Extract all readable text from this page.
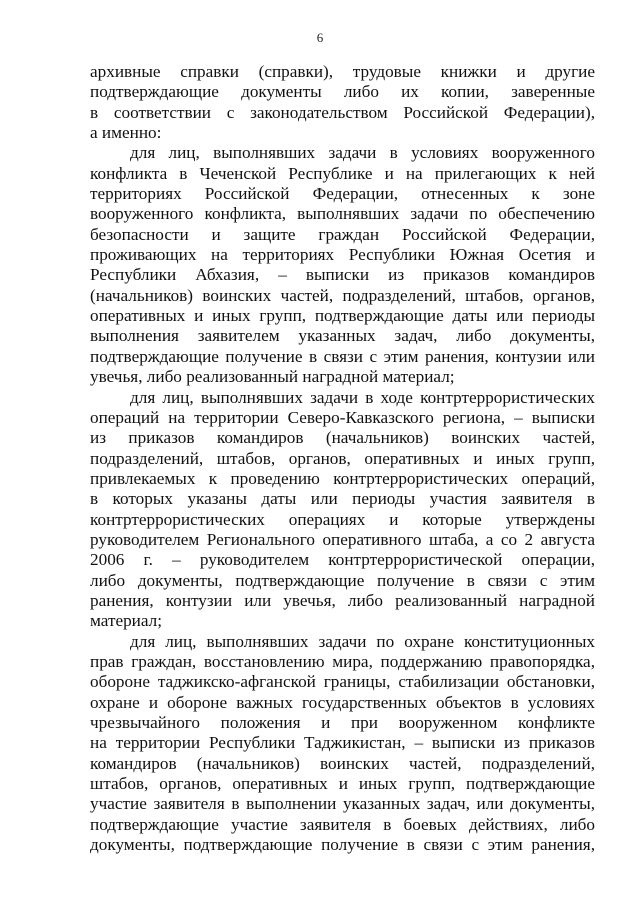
6
архивные справки (справки), трудовые книжки и другие
подтверждающие документы либо их копии, заверенные
в соответствии с законодательством Российской Федерации),
а именно:
для лиц, выполнявших задачи в условиях вооруженного
конфликта в Чеченской Республике и на прилегающих к ней
территориях Российской Федерации, отнесенных к зоне
вооруженного конфликта, выполнявших задачи по обеспечению
безопасности и защите граждан Российской Федерации,
проживающих на территориях Республики Южная Осетия и
Республики Абхазия, – выписки из приказов командиров
(начальников) воинских частей, подразделений, штабов, органов,
оперативных и иных групп, подтверждающие даты или периоды
выполнения заявителем указанных задач, либо документы,
подтверждающие получение в связи с этим ранения, контузии или
увечья, либо реализованный наградной материал;
для лиц, выполнявших задачи в ходе контртеррористических
операций на территории Северо-Кавказского региона, – выписки
из приказов командиров (начальников) воинских частей,
подразделений, штабов, органов, оперативных и иных групп,
привлекаемых к проведению контртеррористических операций,
в которых указаны даты или периоды участия заявителя в
контртеррористических операциях и которые утверждены
руководителем Регионального оперативного штаба, а со 2 августа
2006 г. – руководителем контртеррористической операции,
либо документы, подтверждающие получение в связи с этим
ранения, контузии или увечья, либо реализованный наградной
материал;
для лиц, выполнявших задачи по охране конституционных
прав граждан, восстановлению мира, поддержанию правопорядка,
обороне таджикско-афганской границы, стабилизации обстановки,
охране и обороне важных государственных объектов в условиях
чрезвычайного положения и при вооруженном конфликте
на территории Республики Таджикистан, – выписки из приказов
командиров (начальников) воинских частей, подразделений,
штабов, органов, оперативных и иных групп, подтверждающие
участие заявителя в выполнении указанных задач, или документы,
подтверждающие участие заявителя в боевых действиях, либо
документы, подтверждающие получение в связи с этим ранения,
